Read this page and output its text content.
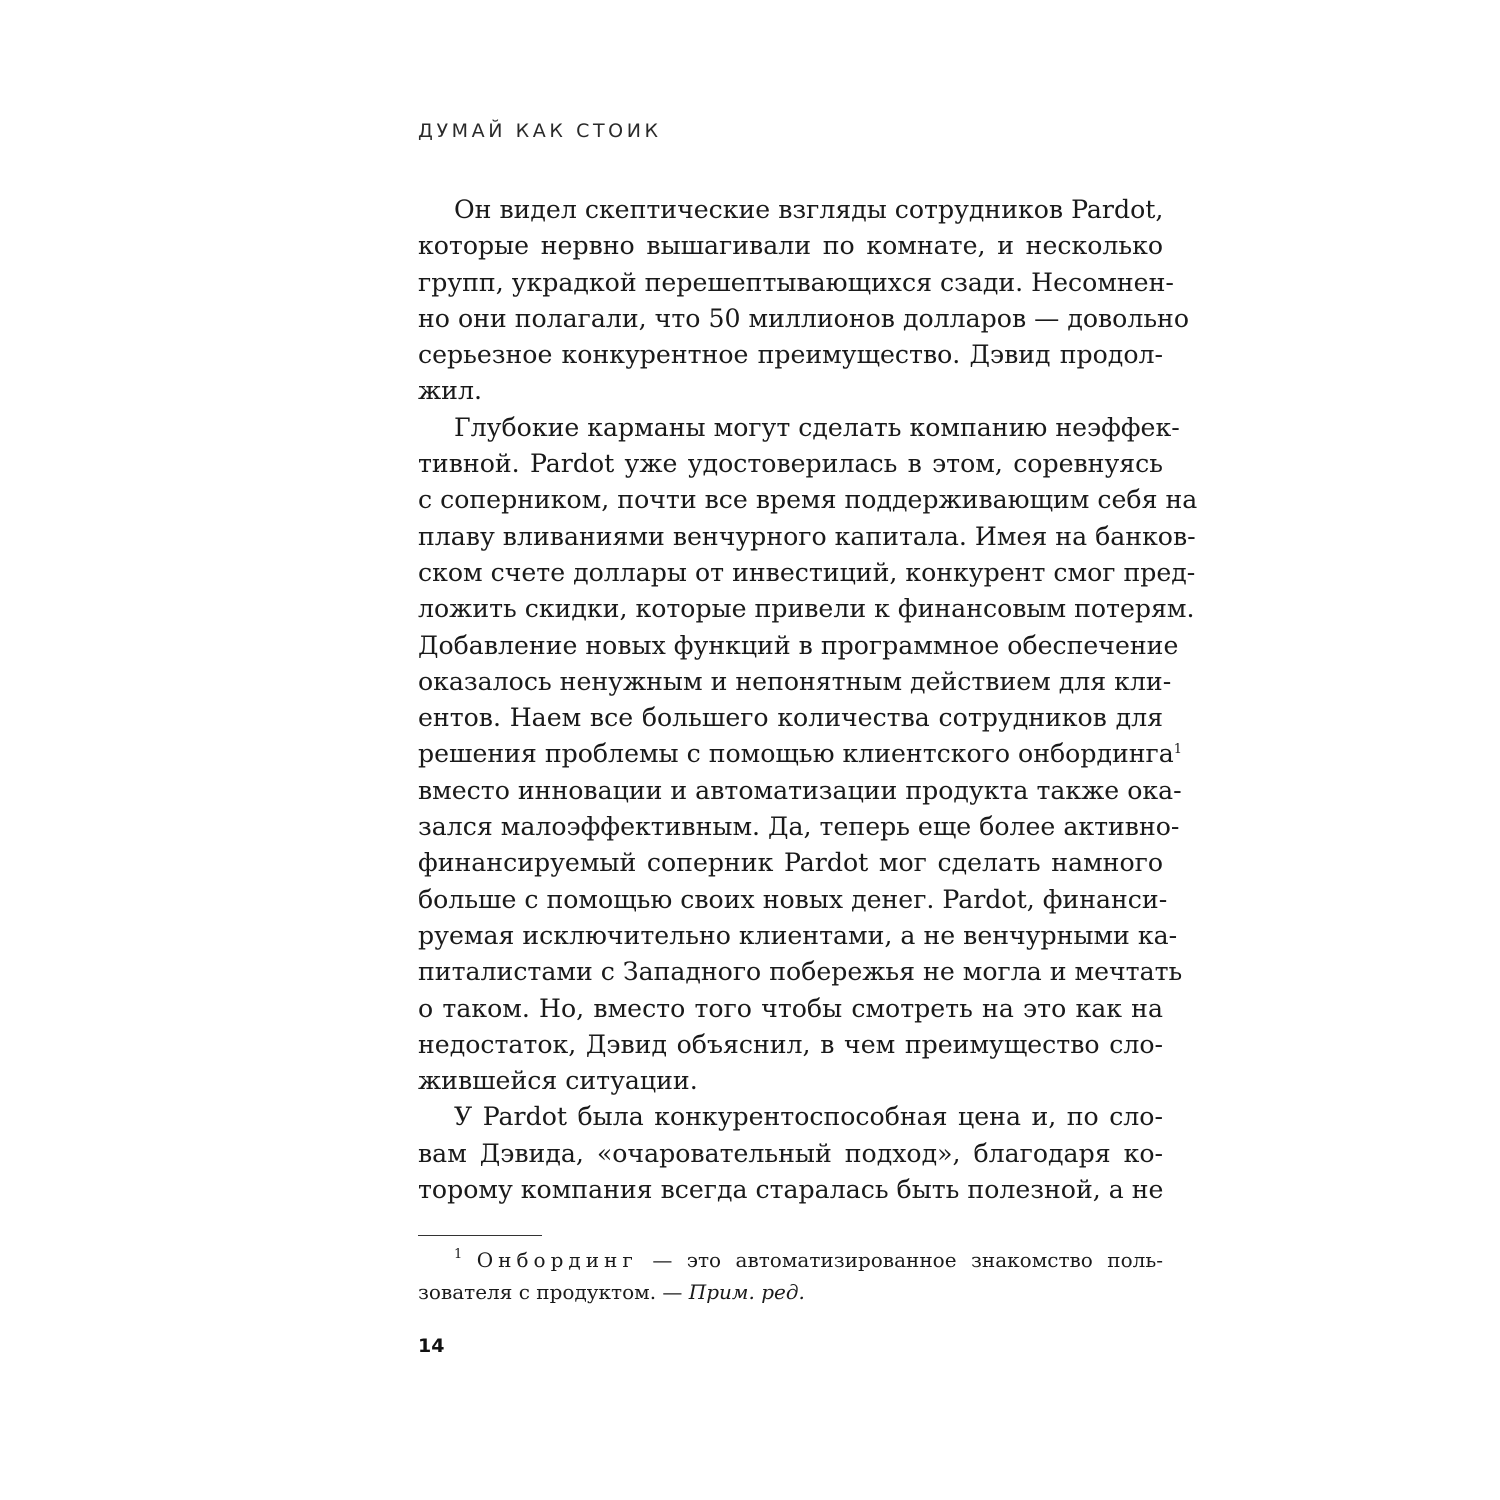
ДУМАЙ КАК СТОИК
Он видел скептические взгляды сотрудников Pardot,
которые нервно вышагивали по комнате, и несколько
групп, украдкой перешептывающихся сзади. Несомнен-
но они полагали, что 50 миллионов долларов — довольно
серьезное конкурентное преимущество. Дэвид продол-
жил.
Глубокие карманы могут сделать компанию неэффек-
тивной. Pardot уже удостоверилась в этом, соревнуясь
с соперником, почти все время поддерживающим себя на
плаву вливаниями венчурного капитала. Имея на банков-
ском счете доллары от инвестиций, конкурент смог пред-
ложить скидки, которые привели к финансовым потерям.
Добавление новых функций в программное обеспечение
оказалось ненужным и непонятным действием для кли-
ентов. Наем все большего количества сотрудников для
решения проблемы с помощью клиентского онбординга$^1$
вместо инновации и автоматизации продукта также ока-
зался малоэффективным. Да, теперь еще более активно-
финансируемый соперник Pardot мог сделать намного
больше с помощью своих новых денег. Pardot, финанси-
руемая исключительно клиентами, а не венчурными ка-
питалистами с Западного побережья не могла и мечтать
о таком. Но, вместо того чтобы смотреть на это как на
недостаток, Дэвид объяснил, в чем преимущество сло-
жившейся ситуации.
У Pardot была конкурентоспособная цена и, по сло-
вам Дэвида, «очаровательный подход», благодаря ко-
торому компания всегда старалась быть полезной, а не
$^1$ Онбординг — это автоматизированное знакомство поль-
зователя с продуктом. — Прим. ред.
14
